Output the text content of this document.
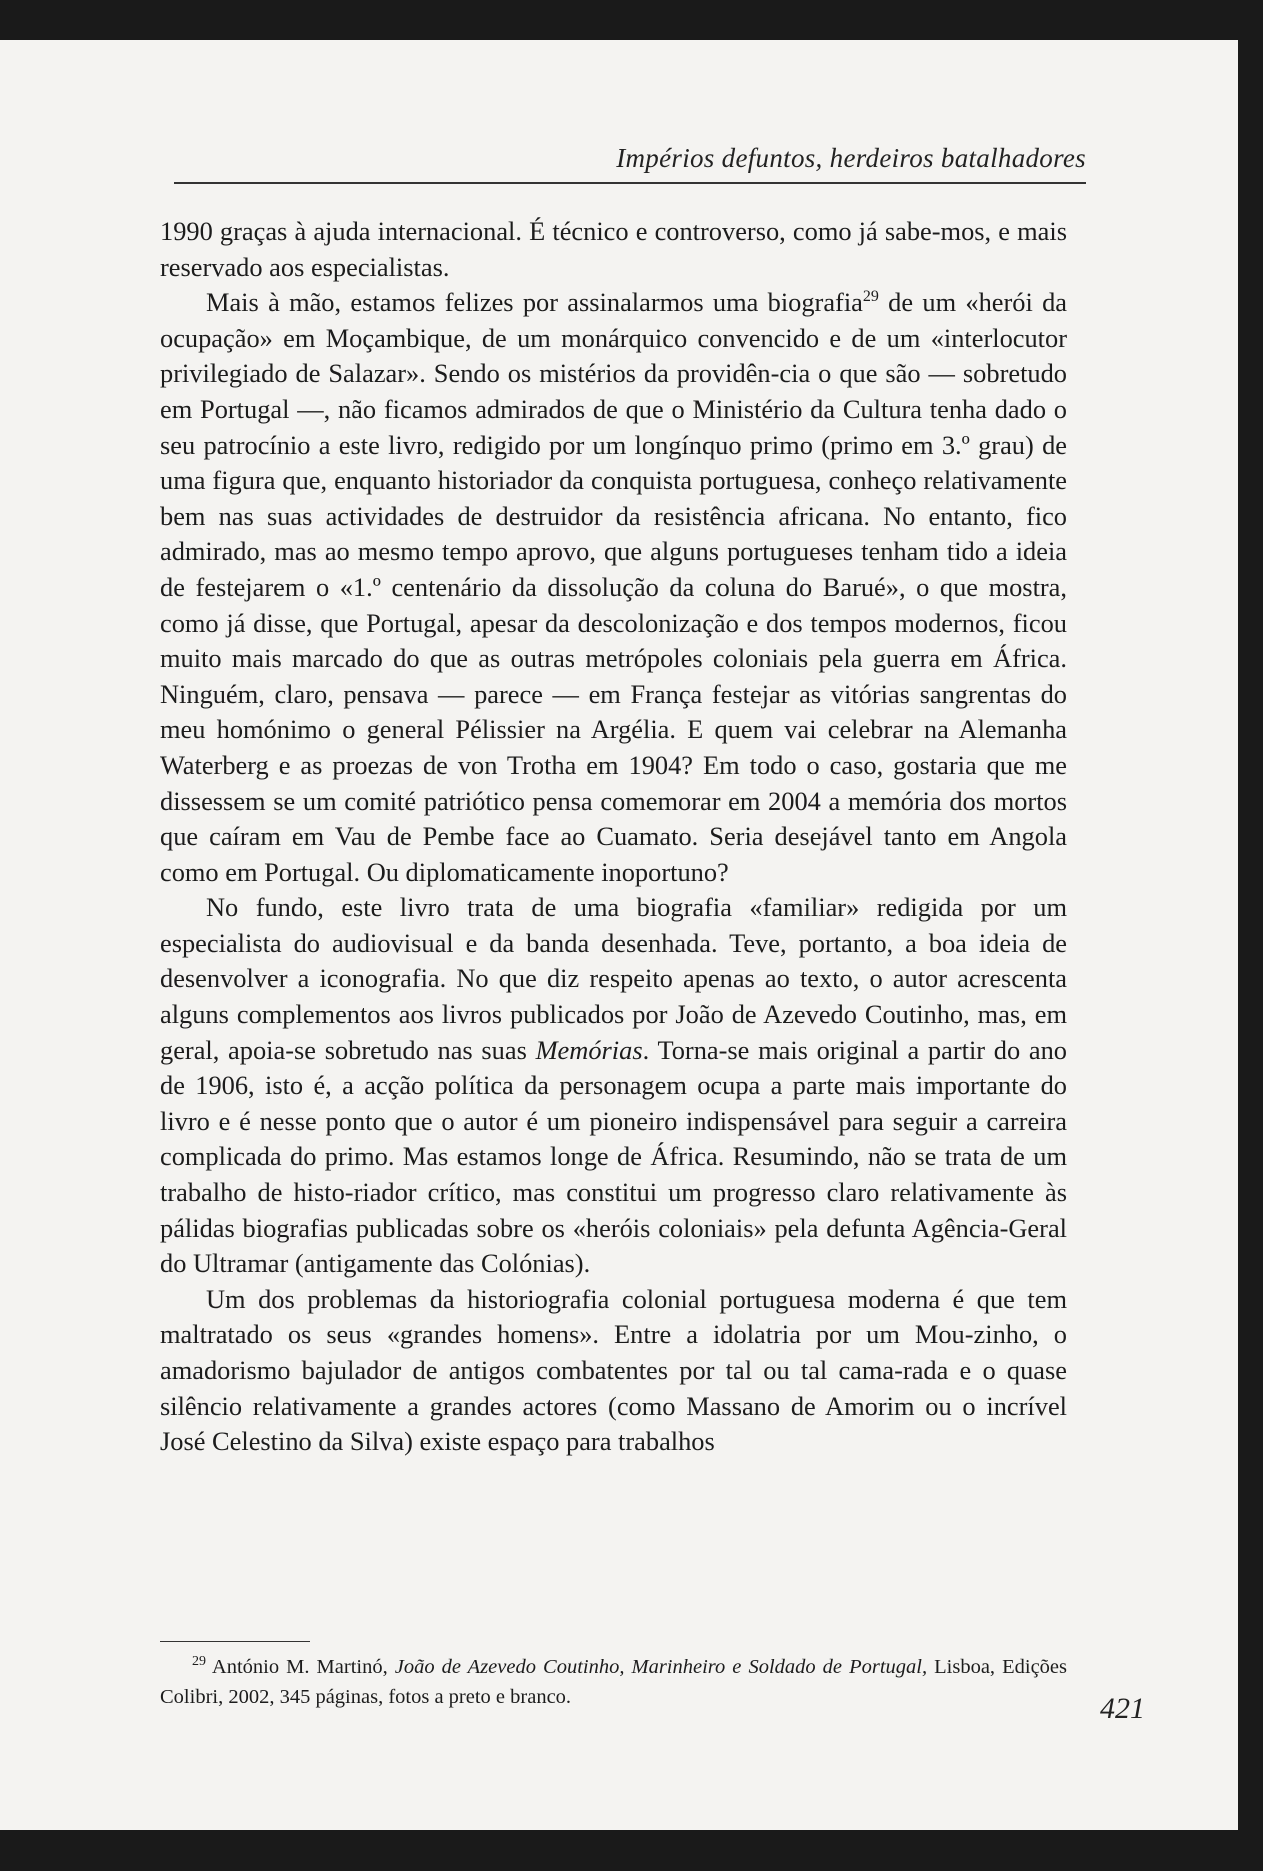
Impérios defuntos, herdeiros batalhadores

1990 graças à ajuda internacional. É técnico e controverso, como já sabe-mos, e mais reservado aos especialistas.

Mais à mão, estamos felizes por assinalarmos uma biografia$^{29}$ de um «herói da ocupação» em Moçambique, de um monárquico convencido e de um «interlocutor privilegiado de Salazar». Sendo os mistérios da providên-cia o que são — sobretudo em Portugal —, não ficamos admirados de que o Ministério da Cultura tenha dado o seu patrocínio a este livro, redigido por um longínquo primo (primo em 3.º grau) de uma figura que, enquanto historiador da conquista portuguesa, conheço relativamente bem nas suas actividades de destruidor da resistência africana. No entanto, fico admirado, mas ao mesmo tempo aprovo, que alguns portugueses tenham tido a ideia de festejarem o «1.º centenário da dissolução da coluna do Barué», o que mostra, como já disse, que Portugal, apesar da descolonização e dos tempos modernos, ficou muito mais marcado do que as outras metrópoles coloniais pela guerra em África. Ninguém, claro, pensava — parece — em França festejar as vitórias sangrentas do meu homónimo o general Pélissier na Argélia. E quem vai celebrar na Alemanha Waterberg e as proezas de von Trotha em 1904? Em todo o caso, gostaria que me dissessem se um comité patriótico pensa comemorar em 2004 a memória dos mortos que caíram em Vau de Pembe face ao Cuamato. Seria desejável tanto em Angola como em Portugal. Ou diplomaticamente inoportuno?

No fundo, este livro trata de uma biografia «familiar» redigida por um especialista do audiovisual e da banda desenhada. Teve, portanto, a boa ideia de desenvolver a iconografia. No que diz respeito apenas ao texto, o autor acrescenta alguns complementos aos livros publicados por João de Azevedo Coutinho, mas, em geral, apoia-se sobretudo nas suas Memórias. Torna-se mais original a partir do ano de 1906, isto é, a acção política da personagem ocupa a parte mais importante do livro e é nesse ponto que o autor é um pioneiro indispensável para seguir a carreira complicada do primo. Mas estamos longe de África. Resumindo, não se trata de um trabalho de histo-riador crítico, mas constitui um progresso claro relativamente às pálidas biografias publicadas sobre os «heróis coloniais» pela defunta Agência-Geral do Ultramar (antigamente das Colónias).

Um dos problemas da historiografia colonial portuguesa moderna é que tem maltratado os seus «grandes homens». Entre a idolatria por um Mou-zinho, o amadorismo bajulador de antigos combatentes por tal ou tal cama-rada e o quase silêncio relativamente a grandes actores (como Massano de Amorim ou o incrível José Celestino da Silva) existe espaço para trabalhos

$^{29}$ António M. Martinó, João de Azevedo Coutinho, Marinheiro e Soldado de Portugal, Lisboa, Edições Colibri, 2002, 345 páginas, fotos a preto e branco.	421
